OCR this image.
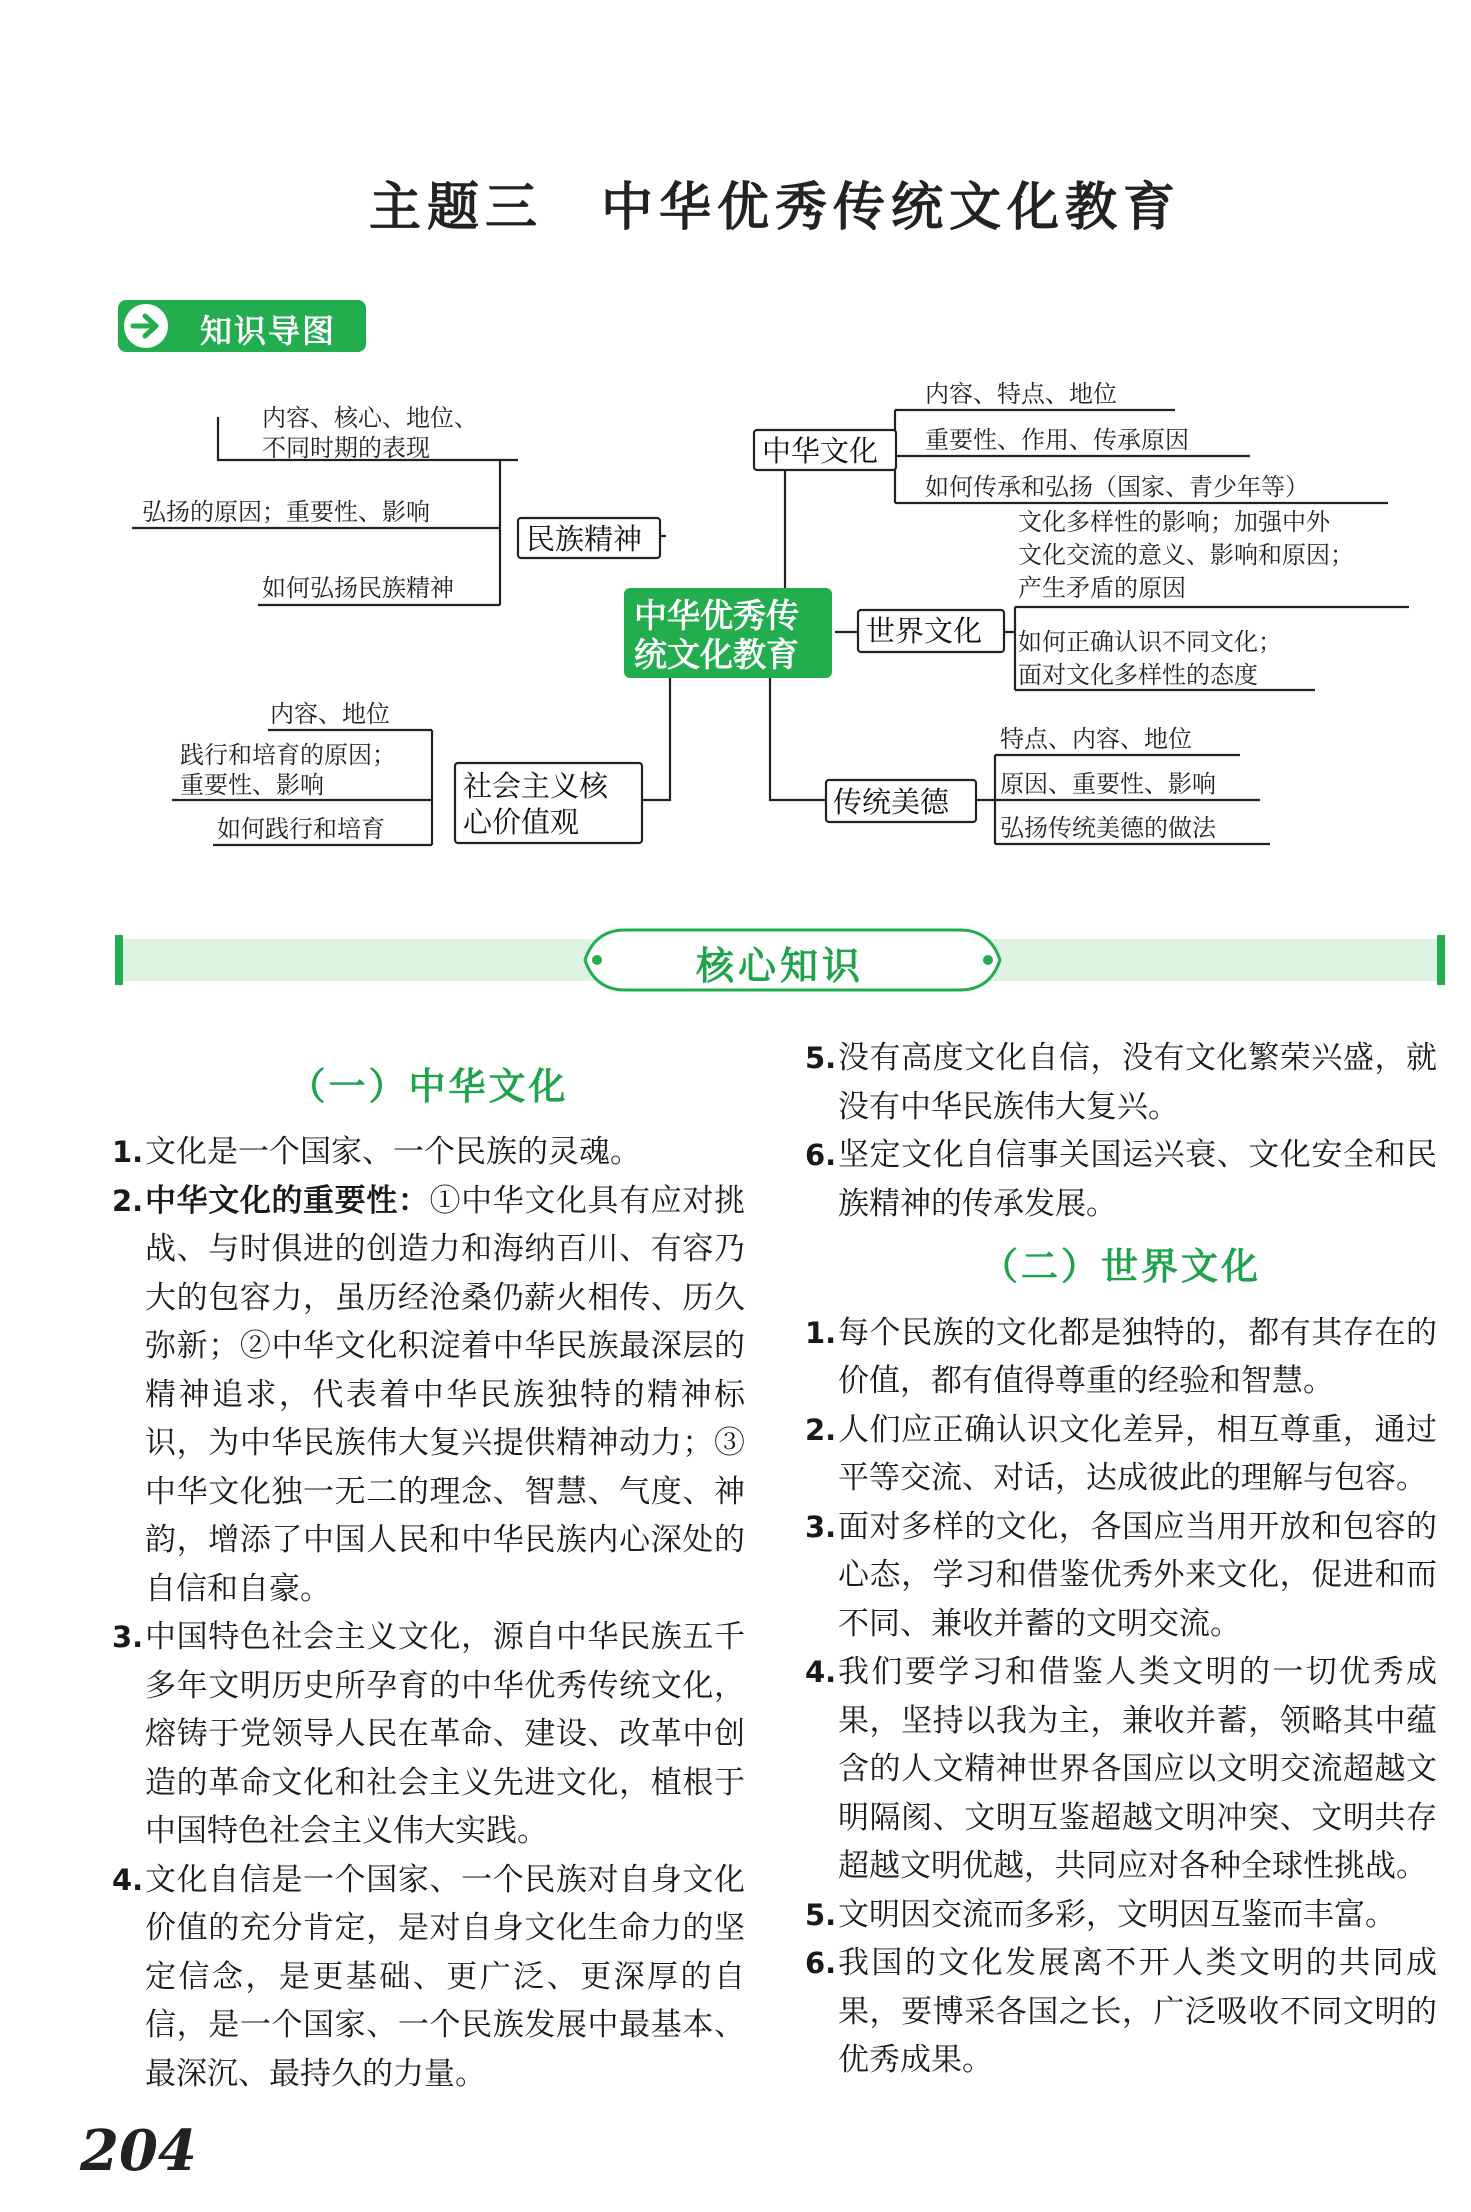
主题三　中华优秀传统文化教育
知识导图
内容、核心、地位、
不同时期的表现
弘扬的原因；重要性、影响
如何弘扬民族精神
民族精神
中华文化
内容、特点、地位
重要性、作用、传承原因
如何传承和弘扬（国家、青少年等）
中华优秀传
统文化教育
世界文化
文化多样性的影响；加强中外
文化交流的意义、影响和原因；
产生矛盾的原因
如何正确认识不同文化；
面对文化多样性的态度
内容、地位
践行和培育的原因；
重要性、影响
如何践行和培育
社会主义核
心价值观
传统美德
特点、内容、地位
原因、重要性、影响
弘扬传统美德的做法
核心知识
（一）中华文化
1. 文化是一个国家、一个民族的灵魂。
2. 中华文化的重要性：①中华文化具有应对挑战、与时俱进的创造力和海纳百川、有容乃大的包容力，虽历经沧桑仍薪火相传、历久弥新；②中华文化积淀着中华民族最深层的精神追求，代表着中华民族独特的精神标识，为中华民族伟大复兴提供精神动力；③中华文化独一无二的理念、智慧、气度、神韵，增添了中国人民和中华民族内心深处的自信和自豪。
3. 中国特色社会主义文化，源自中华民族五千多年文明历史所孕育的中华优秀传统文化，熔铸于党领导人民在革命、建设、改革中创造的革命文化和社会主义先进文化，植根于中国特色社会主义伟大实践。
4. 文化自信是一个国家、一个民族对自身文化价值的充分肯定，是对自身文化生命力的坚定信念，是更基础、更广泛、更深厚的自信，是一个国家、一个民族发展中最基本、最深沉、最持久的力量。
5. 没有高度文化自信，没有文化繁荣兴盛，就没有中华民族伟大复兴。
6. 坚定文化自信事关国运兴衰、文化安全和民族精神的传承发展。
（二）世界文化
1. 每个民族的文化都是独特的，都有其存在的价值，都有值得尊重的经验和智慧。
2. 人们应正确认识文化差异，相互尊重，通过平等交流、对话，达成彼此的理解与包容。
3. 面对多样的文化，各国应当用开放和包容的心态，学习和借鉴优秀外来文化，促进和而不同、兼收并蓄的文明交流。
4. 我们要学习和借鉴人类文明的一切优秀成果，坚持以我为主，兼收并蓄，领略其中蕴含的人文精神世界各国应以文明交流超越文明隔阂、文明互鉴超越文明冲突、文明共存超越文明优越，共同应对各种全球性挑战。
5. 文明因交流而多彩，文明因互鉴而丰富。
6. 我国的文化发展离不开人类文明的共同成果，要博采各国之长，广泛吸收不同文明的优秀成果。
204
